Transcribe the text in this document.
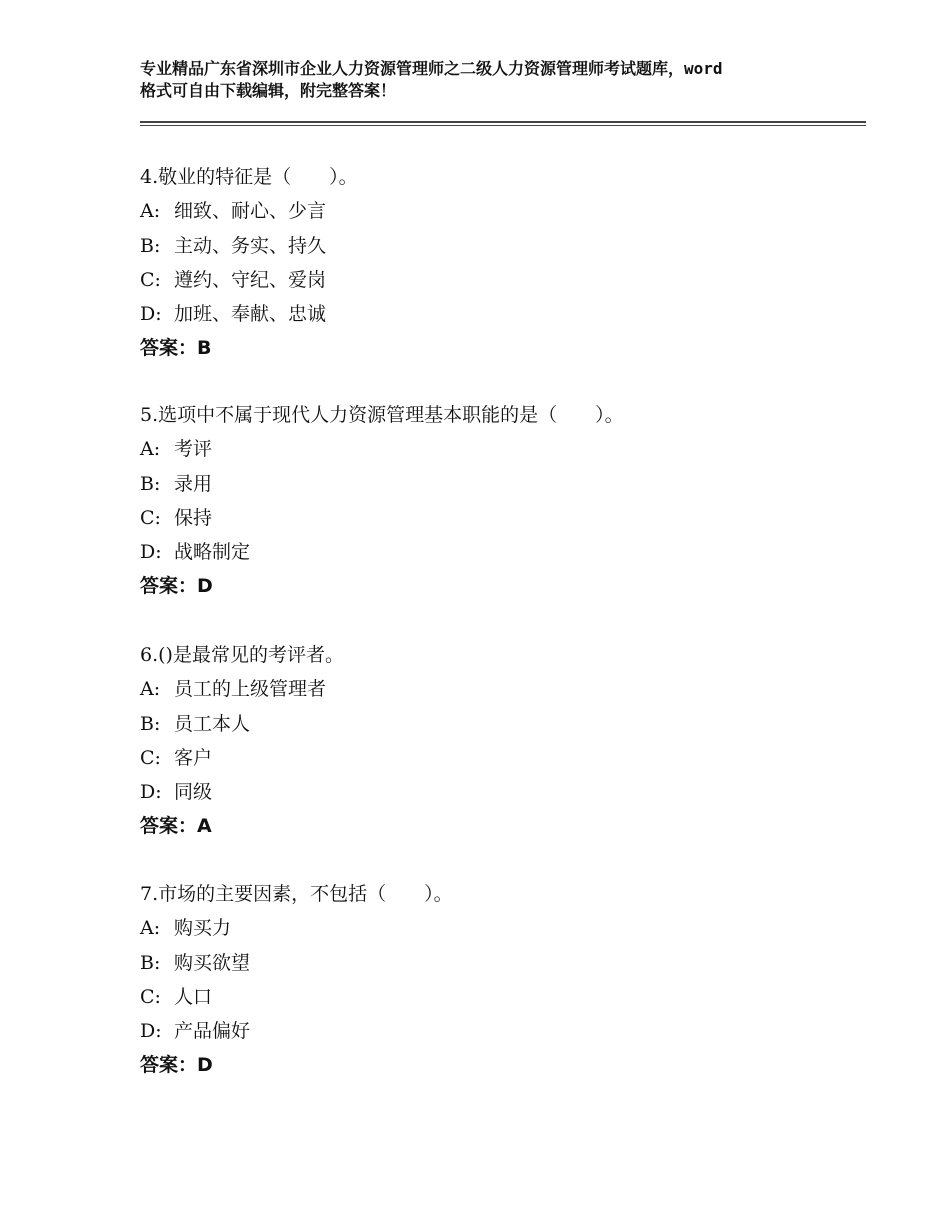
专业精品广东省深圳市企业人力资源管理师之二级人力资源管理师考试题库，word
格式可自由下载编辑，附完整答案！
4.敬业的特征是（　　）。
A: 细致、耐心、少言
B: 主动、务实、持久
C: 遵约、守纪、爱岗
D: 加班、奉献、忠诚
答案：B
5.选项中不属于现代人力资源管理基本职能的是（　　）。
A: 考评
B: 录用
C: 保持
D: 战略制定
答案：D
6.()是最常见的考评者。
A: 员工的上级管理者
B: 员工本人
C: 客户
D: 同级
答案：A
7.市场的主要因素，不包括（　　）。
A: 购买力
B: 购买欲望
C: 人口
D: 产品偏好
答案：D
